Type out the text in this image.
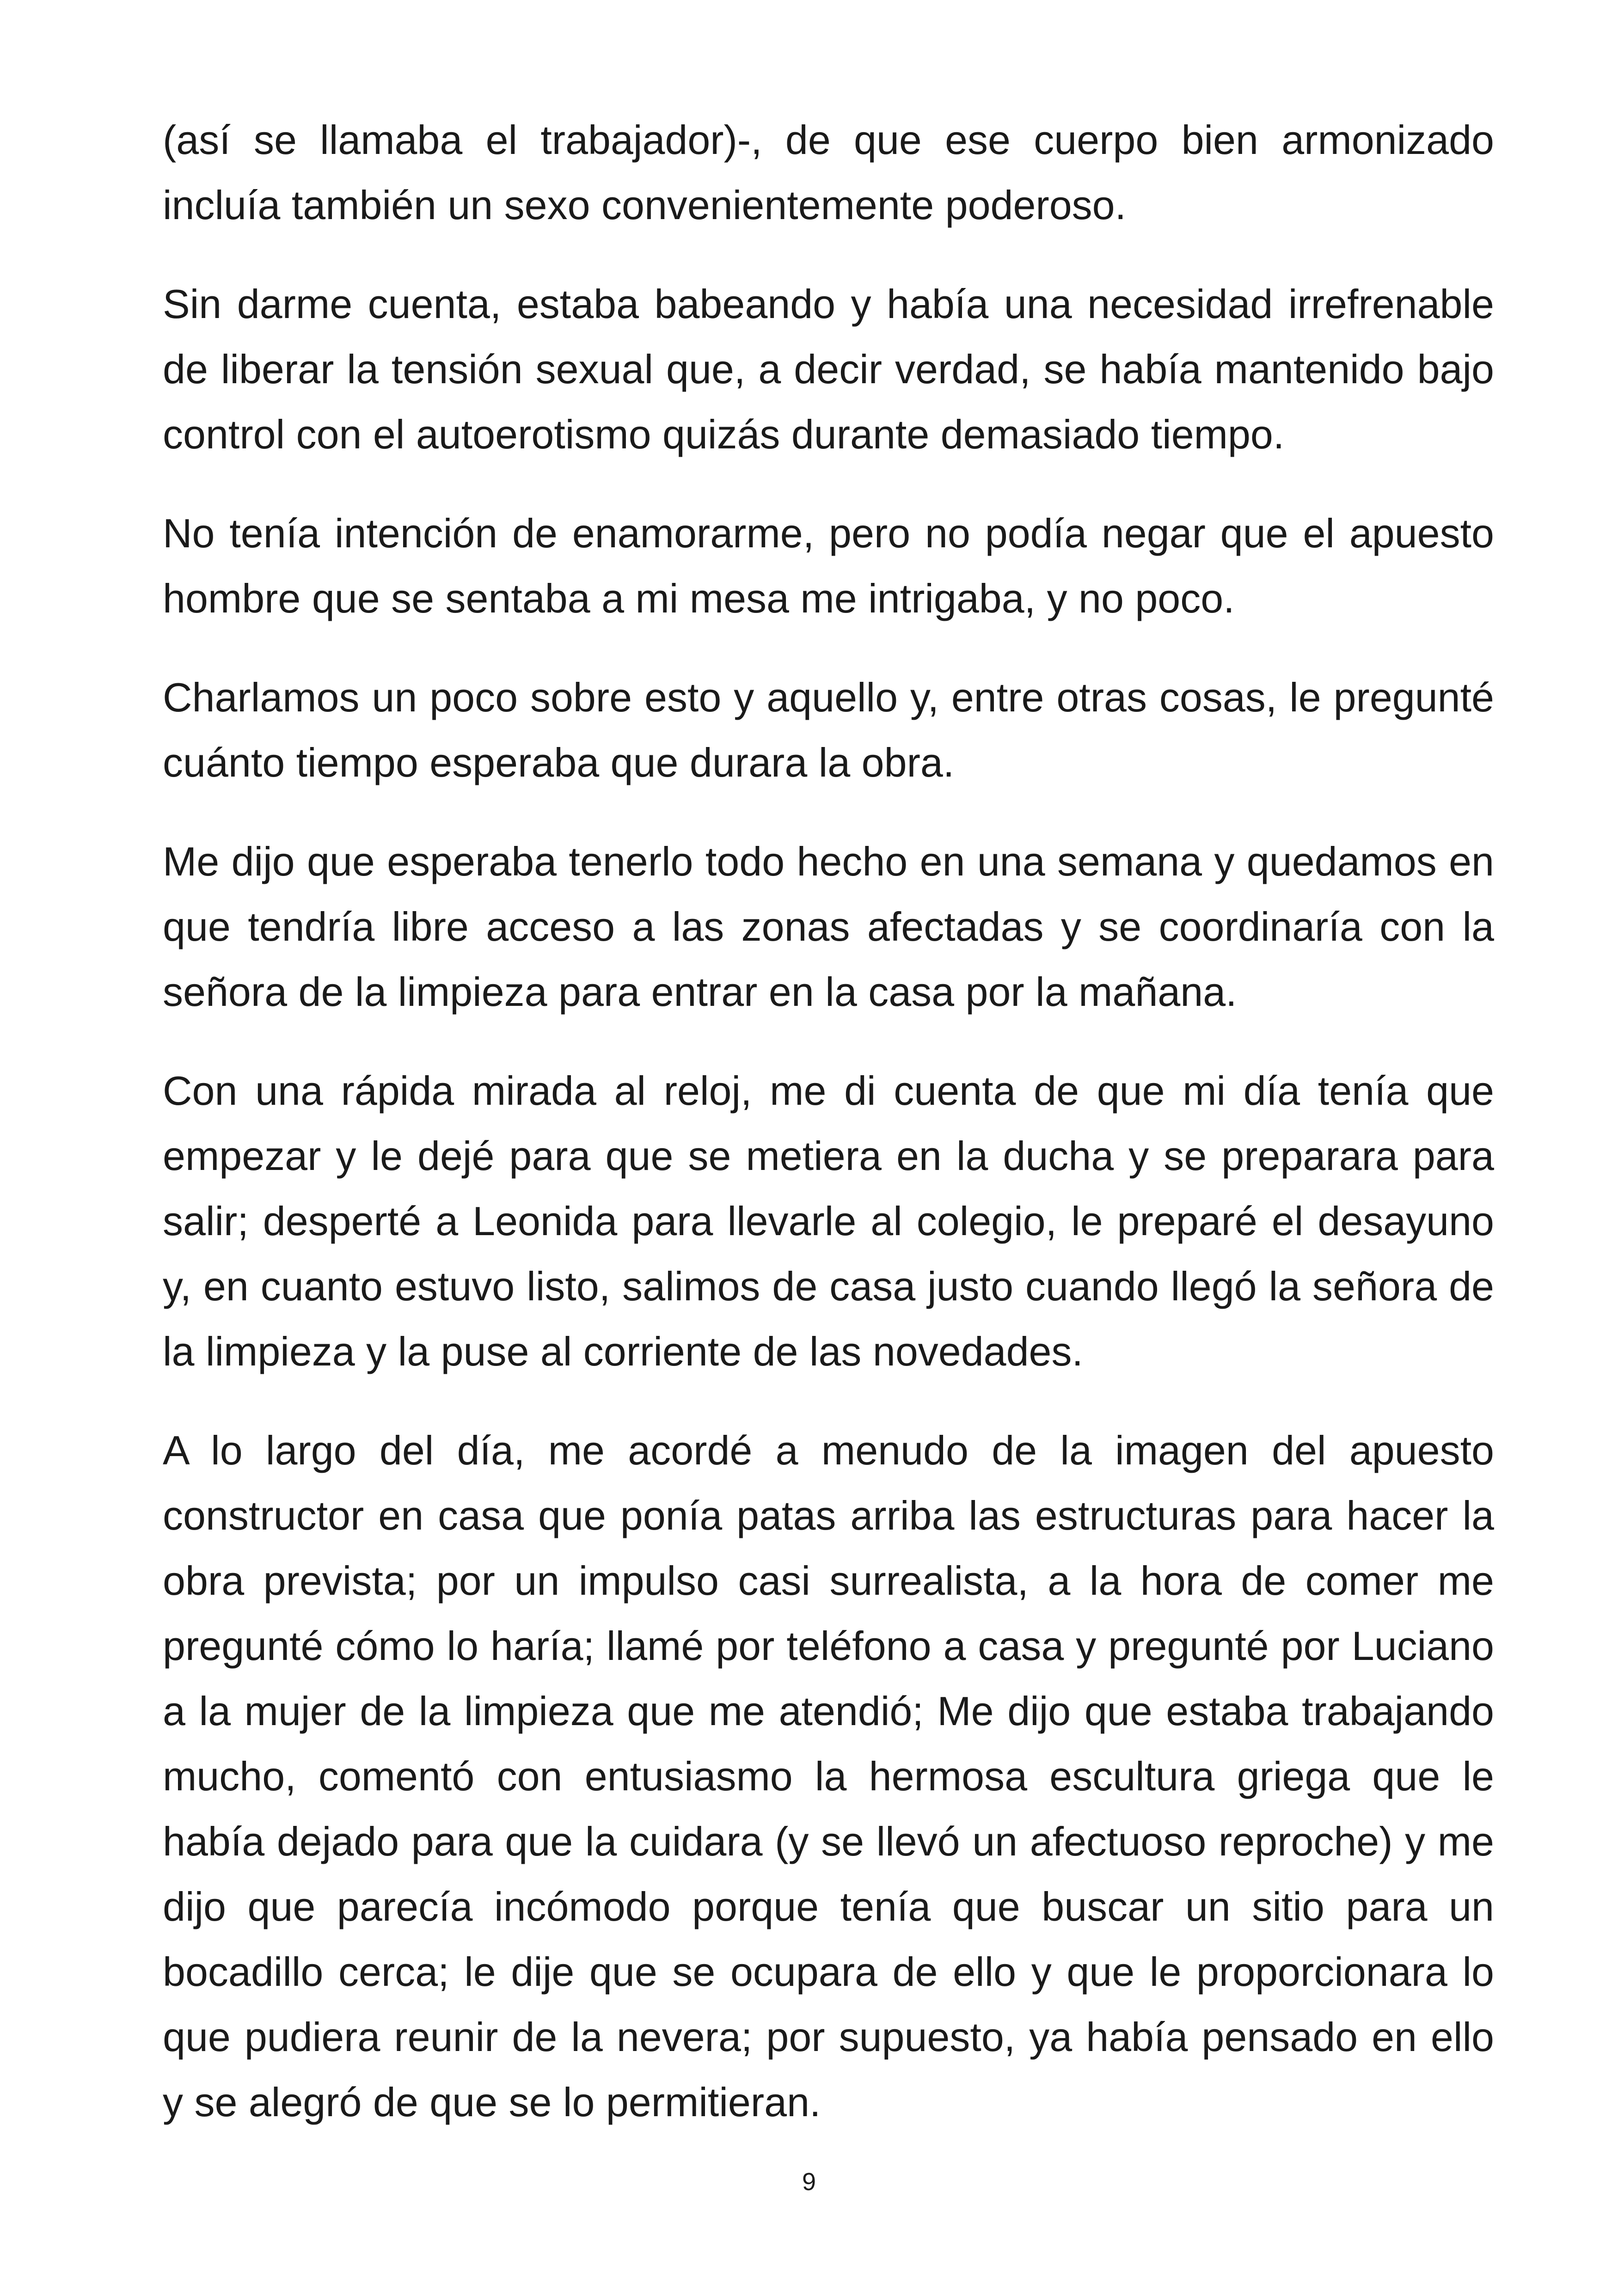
(así se llamaba el trabajador)-, de que ese cuerpo bien armonizado incluía también un sexo convenientemente poderoso.

Sin darme cuenta, estaba babeando y había una necesidad irrefrenable de liberar la tensión sexual que, a decir verdad, se había mantenido bajo control con el autoerotismo quizás durante demasiado tiempo.

No tenía intención de enamorarme, pero no podía negar que el apuesto hombre que se sentaba a mi mesa me intrigaba, y no poco.

Charlamos un poco sobre esto y aquello y, entre otras cosas, le pregunté cuánto tiempo esperaba que durara la obra.

Me dijo que esperaba tenerlo todo hecho en una semana y quedamos en que tendría libre acceso a las zonas afectadas y se coordinaría con la señora de la limpieza para entrar en la casa por la mañana.

Con una rápida mirada al reloj, me di cuenta de que mi día tenía que empezar y le dejé para que se metiera en la ducha y se preparara para salir; desperté a Leonida para llevarle al colegio, le preparé el desayuno y, en cuanto estuvo listo, salimos de casa justo cuando llegó la señora de la limpieza y la puse al corriente de las novedades.

A lo largo del día, me acordé a menudo de la imagen del apuesto constructor en casa que ponía patas arriba las estructuras para hacer la obra prevista; por un impulso casi surrealista, a la hora de comer me pregunté cómo lo haría; llamé por teléfono a casa y pregunté por Luciano a la mujer de la limpieza que me atendió; Me dijo que estaba trabajando mucho, comentó con entusiasmo la hermosa escultura griega que le había dejado para que la cuidara (y se llevó un afectuoso reproche) y me dijo que parecía incómodo porque tenía que buscar un sitio para un bocadillo cerca; le dije que se ocupara de ello y que le proporcionara lo que pudiera reunir de la nevera; por supuesto, ya había pensado en ello y se alegró de que se lo permitieran.

9
